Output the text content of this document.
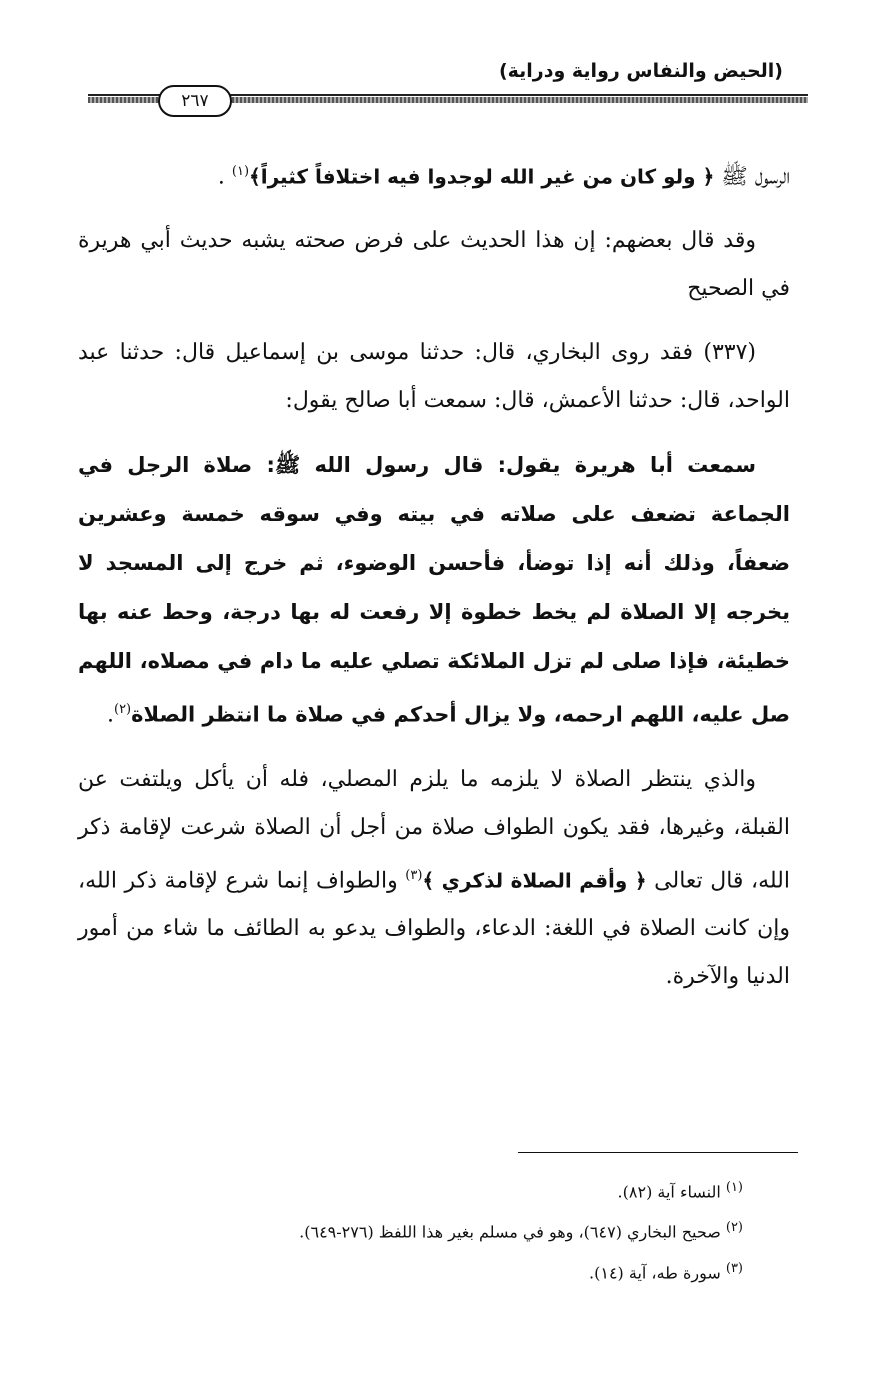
(الحيض والنفاس رواية ودراية)
٢٦٧

الرسول ﷺ ﴿ ولو كان من غير الله لوجدوا فيه اختلافاً كثيراً﴾$^{(١)}$ .

وقد قال بعضهم: إن هذا الحديث على فرض صحته يشبه حديث أبي هريرة في الصحيح

(٣٣٧) فقد روى البخاري، قال: حدثنا موسى بن إسماعيل قال: حدثنا عبد الواحد، قال: حدثنا الأعمش، قال: سمعت أبا صالح يقول:

سمعت أبا هريرة يقول: قال رسول الله ﷺ: صلاة الرجل في الجماعة تضعف على صلاته في بيته وفي سوقه خمسة وعشرين ضعفاً، وذلك أنه إذا توضأ، فأحسن الوضوء، ثم خرج إلى المسجد لا يخرجه إلا الصلاة لم يخط خطوة إلا رفعت له بها درجة، وحط عنه بها خطيئة، فإذا صلى لم تزل الملائكة تصلي عليه ما دام في مصلاه، اللهم صل عليه، اللهم ارحمه، ولا يزال أحدكم في صلاة ما انتظر الصلاة$^{(٢)}$.

والذي ينتظر الصلاة لا يلزمه ما يلزم المصلي، فله أن يأكل ويلتفت عن القبلة، وغيرها، فقد يكون الطواف صلاة من أجل أن الصلاة شرعت لإقامة ذكر الله، قال تعالى ﴿ وأقم الصلاة لذكري ﴾$^{(٣)}$ والطواف إنما شرع لإقامة ذكر الله، وإن كانت الصلاة في اللغة: الدعاء، والطواف يدعو به الطائف ما شاء من أمور الدنيا والآخرة.

$^{(١)}$ النساء آية (٨٢).
$^{(٢)}$ صحيح البخاري (٦٤٧)، وهو في مسلم بغير هذا اللفظ (٢٧٦-٦٤٩).
$^{(٣)}$ سورة طه، آية (١٤).
